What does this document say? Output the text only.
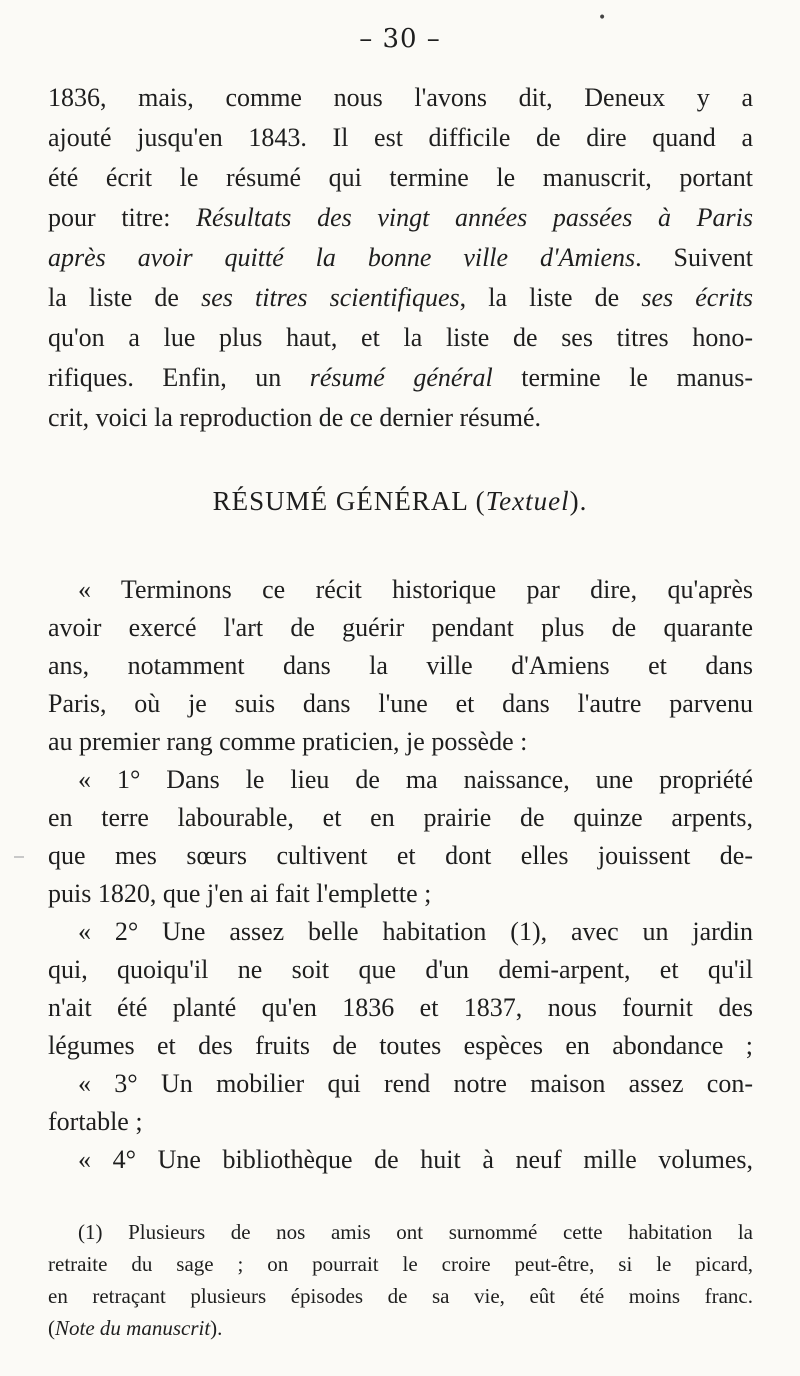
– 30 –
•
1836, mais, comme nous l'avons dit, Deneux y a
ajouté jusqu'en 1843. Il est difficile de dire quand a
été écrit le résumé qui termine le manuscrit, portant
pour titre: Résultats des vingt années passées à Paris
après avoir quitté la bonne ville d'Amiens. Suivent
la liste de ses titres scientifiques, la liste de ses écrits
qu'on a lue plus haut, et la liste de ses titres hono-
rifiques. Enfin, un résumé général termine le manus-
crit, voici la reproduction de ce dernier résumé.
RÉSUMÉ GÉNÉRAL (Textuel).
« Terminons ce récit historique par dire, qu'après
avoir exercé l'art de guérir pendant plus de quarante
ans, notamment dans la ville d'Amiens et dans
Paris, où je suis dans l'une et dans l'autre parvenu
au premier rang comme praticien, je possède :
« 1° Dans le lieu de ma naissance, une propriété
en terre labourable, et en prairie de quinze arpents,
que mes sœurs cultivent et dont elles jouissent de-
puis 1820, que j'en ai fait l'emplette ;
« 2° Une assez belle habitation (1), avec un jardin
qui, quoiqu'il ne soit que d'un demi-arpent, et qu'il
n'ait été planté qu'en 1836 et 1837, nous fournit des
légumes et des fruits de toutes espèces en abondance ;
« 3° Un mobilier qui rend notre maison assez con-
fortable ;
« 4° Une bibliothèque de huit à neuf mille volumes,
(1) Plusieurs de nos amis ont surnommé cette habitation la
retraite du sage ; on pourrait le croire peut-être, si le picard,
en retraçant plusieurs épisodes de sa vie, eût été moins franc.
(Note du manuscrit).
